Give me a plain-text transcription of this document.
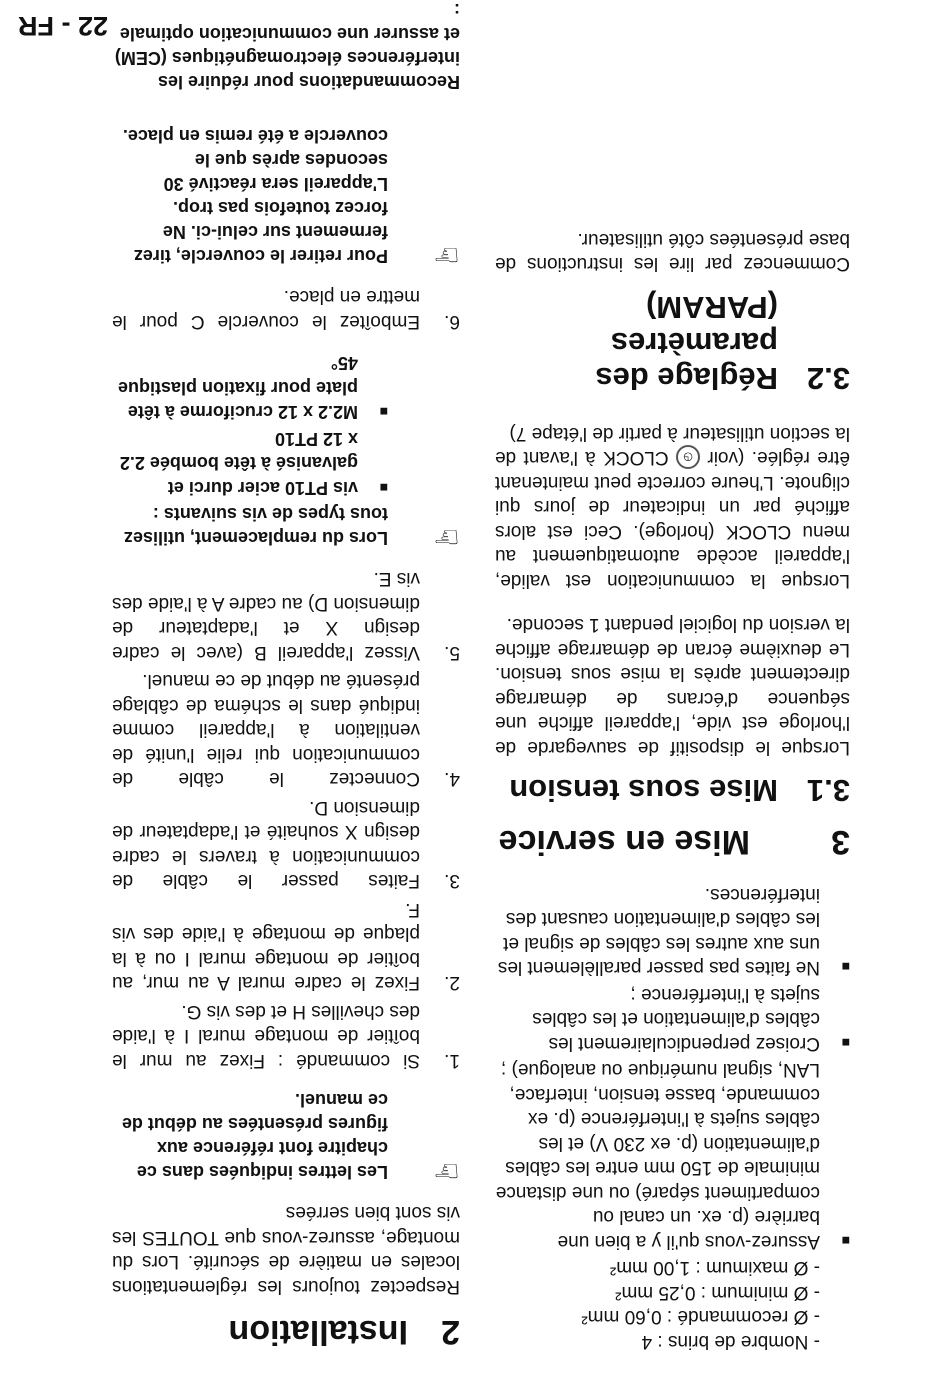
2
Installation

Respectez toujours les réglementations locales en matière de sécurité. Lors du montage, assurez-vous que TOUTES les vis sont bien serrées

☞
Les lettres indiquées dans ce chapitre font référence aux figures présentées au début de ce manuel.
1.
Si commandé : Fixez au mur le boîtier de montage mural I à l'aide des chevilles H et des vis G.
2.
Fixez le cadre mural A au mur, au boîtier de montage mural I ou à la plaque de montage à l'aide des vis F.
3.
Faites passer le câble de communication à travers le cadre design X souhaité et l'adaptateur de dimension D.
4.
Connectez le câble de communication qui relie l'unité de ventilation à l'appareil comme indiqué dans le schéma de câblage présenté au début de ce manuel.
5.
Vissez l'appareil B (avec le cadre design X et l'adaptateur de dimension D) au cadre A à l'aide des vis E.
☞
Lors du remplacement, utilisez tous types de vis suivants :
■
vis PT10 acier durci et galvanisé à tête bombée 2.2 x 12 PT10
■
M2.2 x 12 cruciforme à tête plate pour fixation plastique 45°
6.
Emboîtez le couvercle C pour le mettre en place.
☞
Pour retirer le couvercle, tirez fermement sur celui-ci. Ne forcez toutefois pas trop. L'appareil sera réactivé 30 secondes après que le couvercle a été remis en place.
Recommandations pour réduire les interférences électromagnétiques (CEM) et assurer une communication optimale :
- Nombre de brins : 4
- Ø recommandé : 0,60 mm²
- Ø minimum : 0,25 mm²
- Ø maximum : 1,00 mm²
■
Assurez-vous qu'il y a bien une barrière (p. ex. un canal ou compartiment séparé) ou une distance minimale de 150 mm entre les câbles d'alimentation (p. ex 230 V) et les câbles sujets à l'interférence (p. ex commande, basse tension, interface, LAN, signal numérique ou analogue) ;
■
Croisez perpendiculairement les câbles d'alimentation et les câbles sujets à l'interférence ;
■
Ne faites pas passer parallèlement les uns aux autres les câbles de signal et les câbles d'alimentation causant des interférences.
3
Mise en service
3.1
Mise sous tension

Lorsque le dispositif de sauvegarde de l'horloge est vide, l'appareil affiche une séquence d'écrans de démarrage directement après la mise sous tension. Le deuxième écran de démarrage affiche la version du logiciel pendant 1 seconde.

Lorsque la communication est valide, l'appareil accède automatiquement au menu CLOCK (horloge). Ceci est alors affiché par un indicateur de jours qui clignote. L'heure correcte peut maintenant être réglée. (voir ◷ CLOCK à l'avant de la section utilisateur à partir de l'étape 7)

3.2
Réglage des paramètres (PARAM)

Commencez par lire les instructions de base présentées côté utilisateur.

22 - FR
